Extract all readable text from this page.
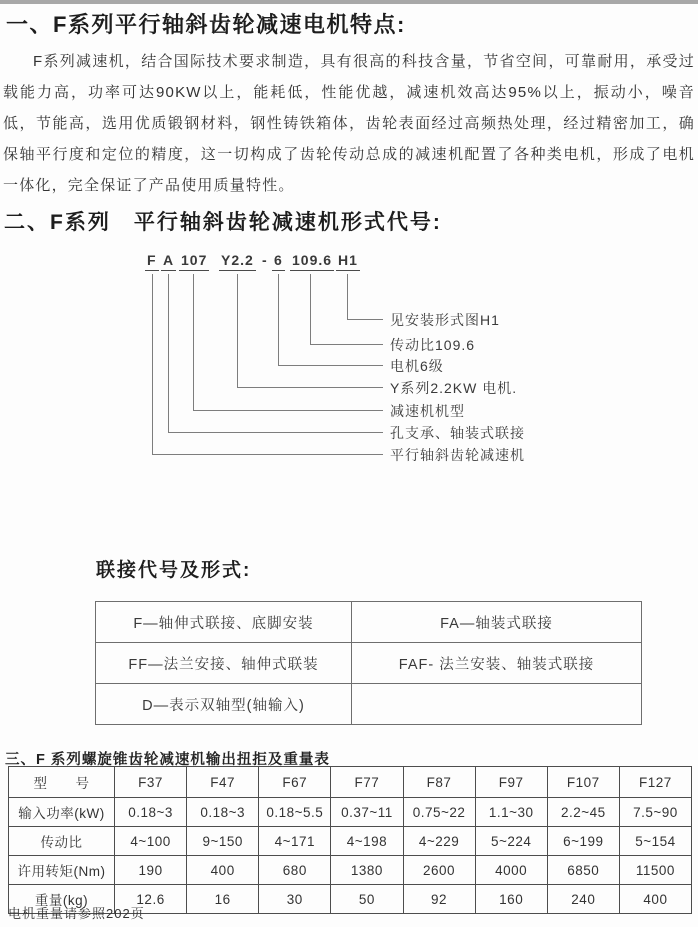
一、F系列平行轴斜齿轮减速电机特点:
F系列减速机，结合国际技术要求制造，具有很高的科技含量，节省空间，可靠耐用，承受过载能力高，功率可达90KW以上，能耗低，性能优越，减速机效高达95%以上，振动小，噪音低，节能高，选用优质锻钢材料，钢性铸铁箱体，齿轮表面经过高频热处理，经过精密加工，确保轴平行度和定位的精度，这一切构成了齿轮传动总成的减速机配置了各种类电机，形成了电机一体化，完全保证了产品使用质量特性。
二、F系列　平行轴斜齿轮减速机形式代号:
F A 107 Y2.2 - 6 109.6 H1
见安装形式图H1
传动比109.6
电机6级
Y系列2.2KW 电机.
减速机机型
孔支承、轴装式联接
平行轴斜齿轮减速机
联接代号及形式:
F—轴伸式联接、底脚安装	FA—轴装式联接
FF—法兰安接、轴伸式联装	FAF- 法兰安装、轴装式联接
D—表示双轴型(轴输入)	
三、F 系列螺旋锥齿轮减速机输出扭拒及重量表
型　　号	F37	F47	F67	F77	F87	F97	F107	F127
输入功率(kW)	0.18~3	0.18~3	0.18~5.5	0.37~11	0.75~22	1.1~30	2.2~45	7.5~90
传动比	4~100	9~150	4~171	4~198	4~229	5~224	6~199	5~154
许用转矩(Nm)	190	400	680	1380	2600	4000	6850	11500
重量(kg)	12.6	16	30	50	92	160	240	400
电机重量请参照202页
